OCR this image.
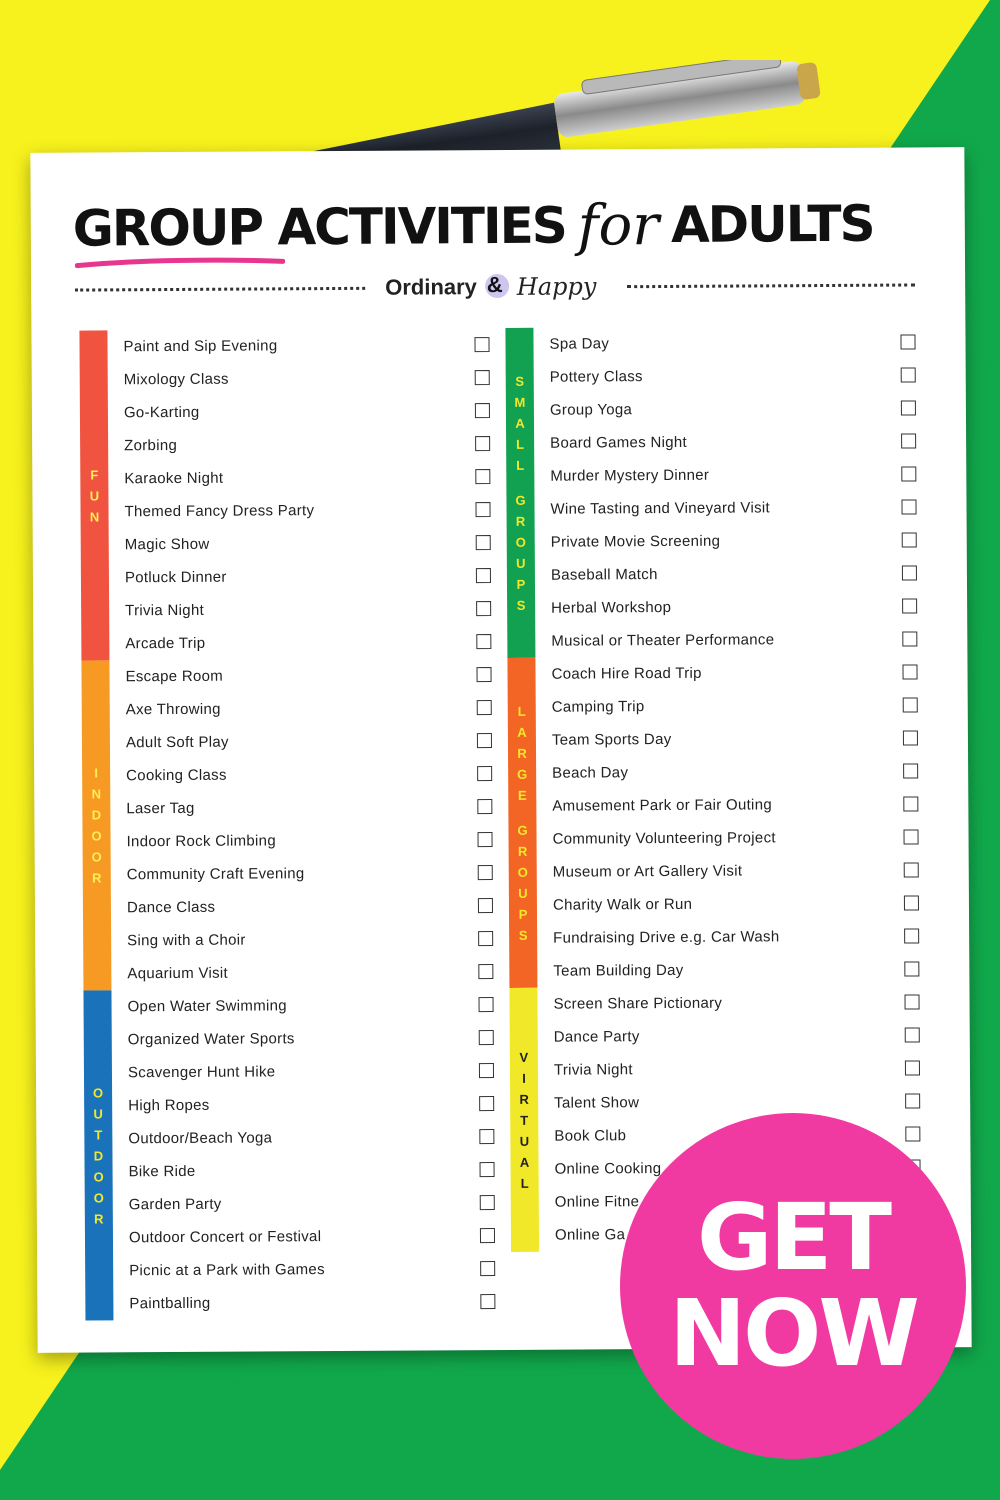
GROUP ACTIVITIES for ADULTS
Ordinary & Happy
F
U
N
I
N
D
O
O
R
O
U
T
D
O
O
R
Paint and Sip Evening
Mixology Class
Go-Karting
Zorbing
Karaoke Night
Themed Fancy Dress Party
Magic Show
Potluck Dinner
Trivia Night
Arcade Trip
Escape Room
Axe Throwing
Adult Soft Play
Cooking Class
Laser Tag
Indoor Rock Climbing
Community Craft Evening
Dance Class
Sing with a Choir
Aquarium Visit
Open Water Swimming
Organized Water Sports
Scavenger Hunt Hike
High Ropes
Outdoor/Beach Yoga
Bike Ride
Garden Party
Outdoor Concert or Festival
Picnic at a Park with Games
Paintballing
S
M
A
L
L

G
R
O
U
P
S
L
A
R
G
E

G
R
O
U
P
S
V
I
R
T
U
A
L
Spa Day
Pottery Class
Group Yoga
Board Games Night
Murder Mystery Dinner
Wine Tasting and Vineyard Visit
Private Movie Screening
Baseball Match
Herbal Workshop
Musical or Theater Performance
Coach Hire Road Trip
Camping Trip
Team Sports Day
Beach Day
Amusement Park or Fair Outing
Community Volunteering Project
Museum or Art Gallery Visit
Charity Walk or Run
Fundraising Drive e.g. Car Wash
Team Building Day
Screen Share Pictionary
Dance Party
Trivia Night
Talent Show
Book Club
Online Cooking
Online Fitne
Online Ga GET
NOW
